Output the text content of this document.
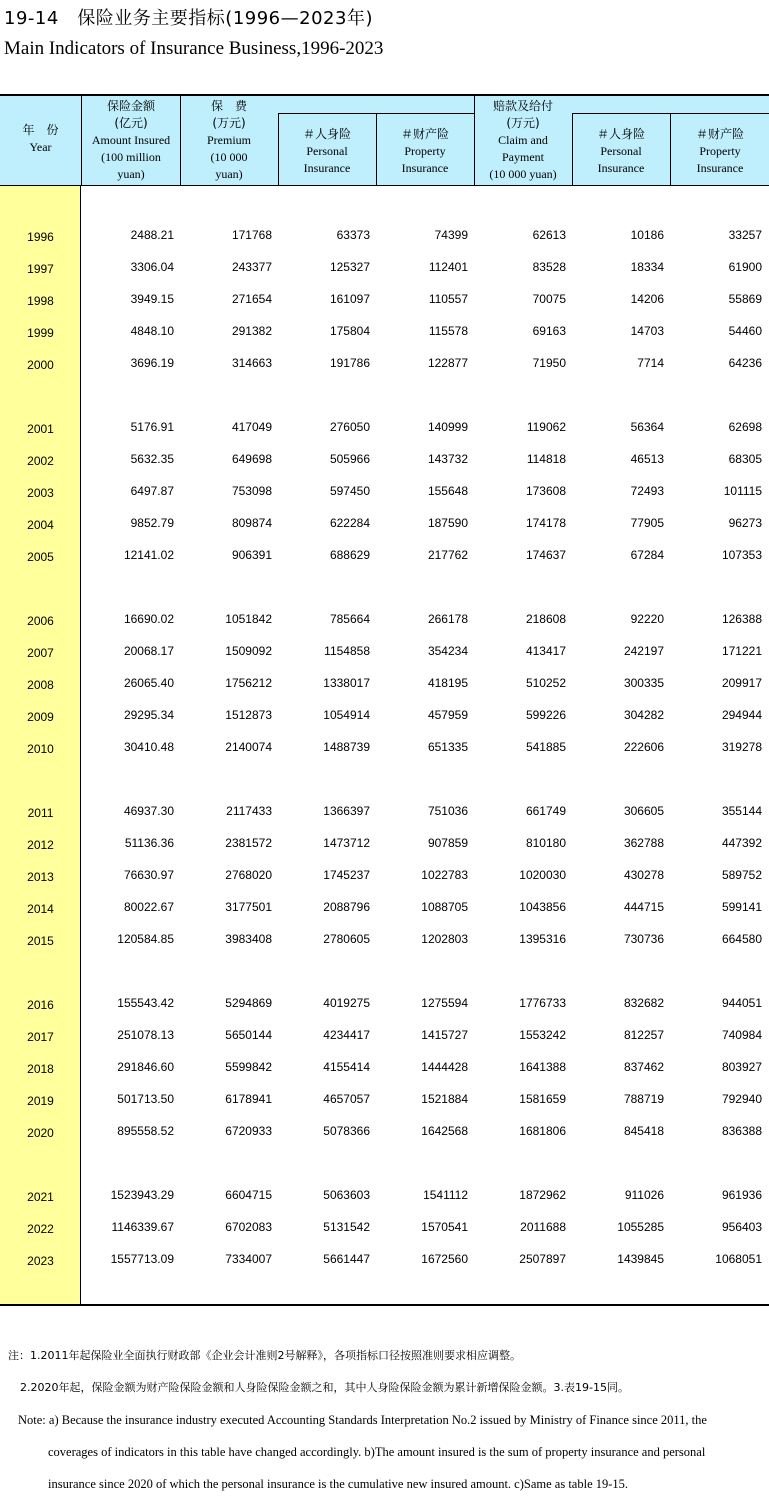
19-14　保险业务主要指标(1996—2023年)
Main Indicators of Insurance Business,1996-2023
年　份
Year
保险金额
(亿元)
Amount Insured
(100 million
yuan)
保　费
(万元)
Premium
(10 000
yuan)
＃人身险
Personal
Insurance
＃财产险
Property
Insurance
赔款及给付
(万元)
Claim and
Payment
(10 000 yuan)
＃人身险
Personal
Insurance
＃财产险
Property
Insurance
1996	2488.21	171768	63373	74399	62613	10186	33257
1997	3306.04	243377	125327	112401	83528	18334	61900
1998	3949.15	271654	161097	110557	70075	14206	55869
1999	4848.10	291382	175804	115578	69163	14703	54460
2000	3696.19	314663	191786	122877	71950	7714	64236
2001	5176.91	417049	276050	140999	119062	56364	62698
2002	5632.35	649698	505966	143732	114818	46513	68305
2003	6497.87	753098	597450	155648	173608	72493	101115
2004	9852.79	809874	622284	187590	174178	77905	96273
2005	12141.02	906391	688629	217762	174637	67284	107353
2006	16690.02	1051842	785664	266178	218608	92220	126388
2007	20068.17	1509092	1154858	354234	413417	242197	171221
2008	26065.40	1756212	1338017	418195	510252	300335	209917
2009	29295.34	1512873	1054914	457959	599226	304282	294944
2010	30410.48	2140074	1488739	651335	541885	222606	319278
2011	46937.30	2117433	1366397	751036	661749	306605	355144
2012	51136.36	2381572	1473712	907859	810180	362788	447392
2013	76630.97	2768020	1745237	1022783	1020030	430278	589752
2014	80022.67	3177501	2088796	1088705	1043856	444715	599141
2015	120584.85	3983408	2780605	1202803	1395316	730736	664580
2016	155543.42	5294869	4019275	1275594	1776733	832682	944051
2017	251078.13	5650144	4234417	1415727	1553242	812257	740984
2018	291846.60	5599842	4155414	1444428	1641388	837462	803927
2019	501713.50	6178941	4657057	1521884	1581659	788719	792940
2020	895558.52	6720933	5078366	1642568	1681806	845418	836388
2021	1523943.29	6604715	5063603	1541112	1872962	911026	961936
2022	1146339.67	6702083	5131542	1570541	2011688	1055285	956403
2023	1557713.09	7334007	5661447	1672560	2507897	1439845	1068051
注：1.2011年起保险业全面执行财政部《企业会计准则2号解释》，各项指标口径按照准则要求相应调整。
2.2020年起，保险金额为财产险保险金额和人身险保险金额之和，其中人身险保险金额为累计新增保险金额。3.表19-15同。
Note: a) Because the insurance industry executed Accounting Standards Interpretation No.2 issued by Ministry of Finance since 2011, the
coverages of indicators in this table have changed accordingly. b)The amount insured is the sum of property insurance and personal
insurance since 2020 of which the personal insurance is the cumulative new insured amount. c)Same as table 19-15.
